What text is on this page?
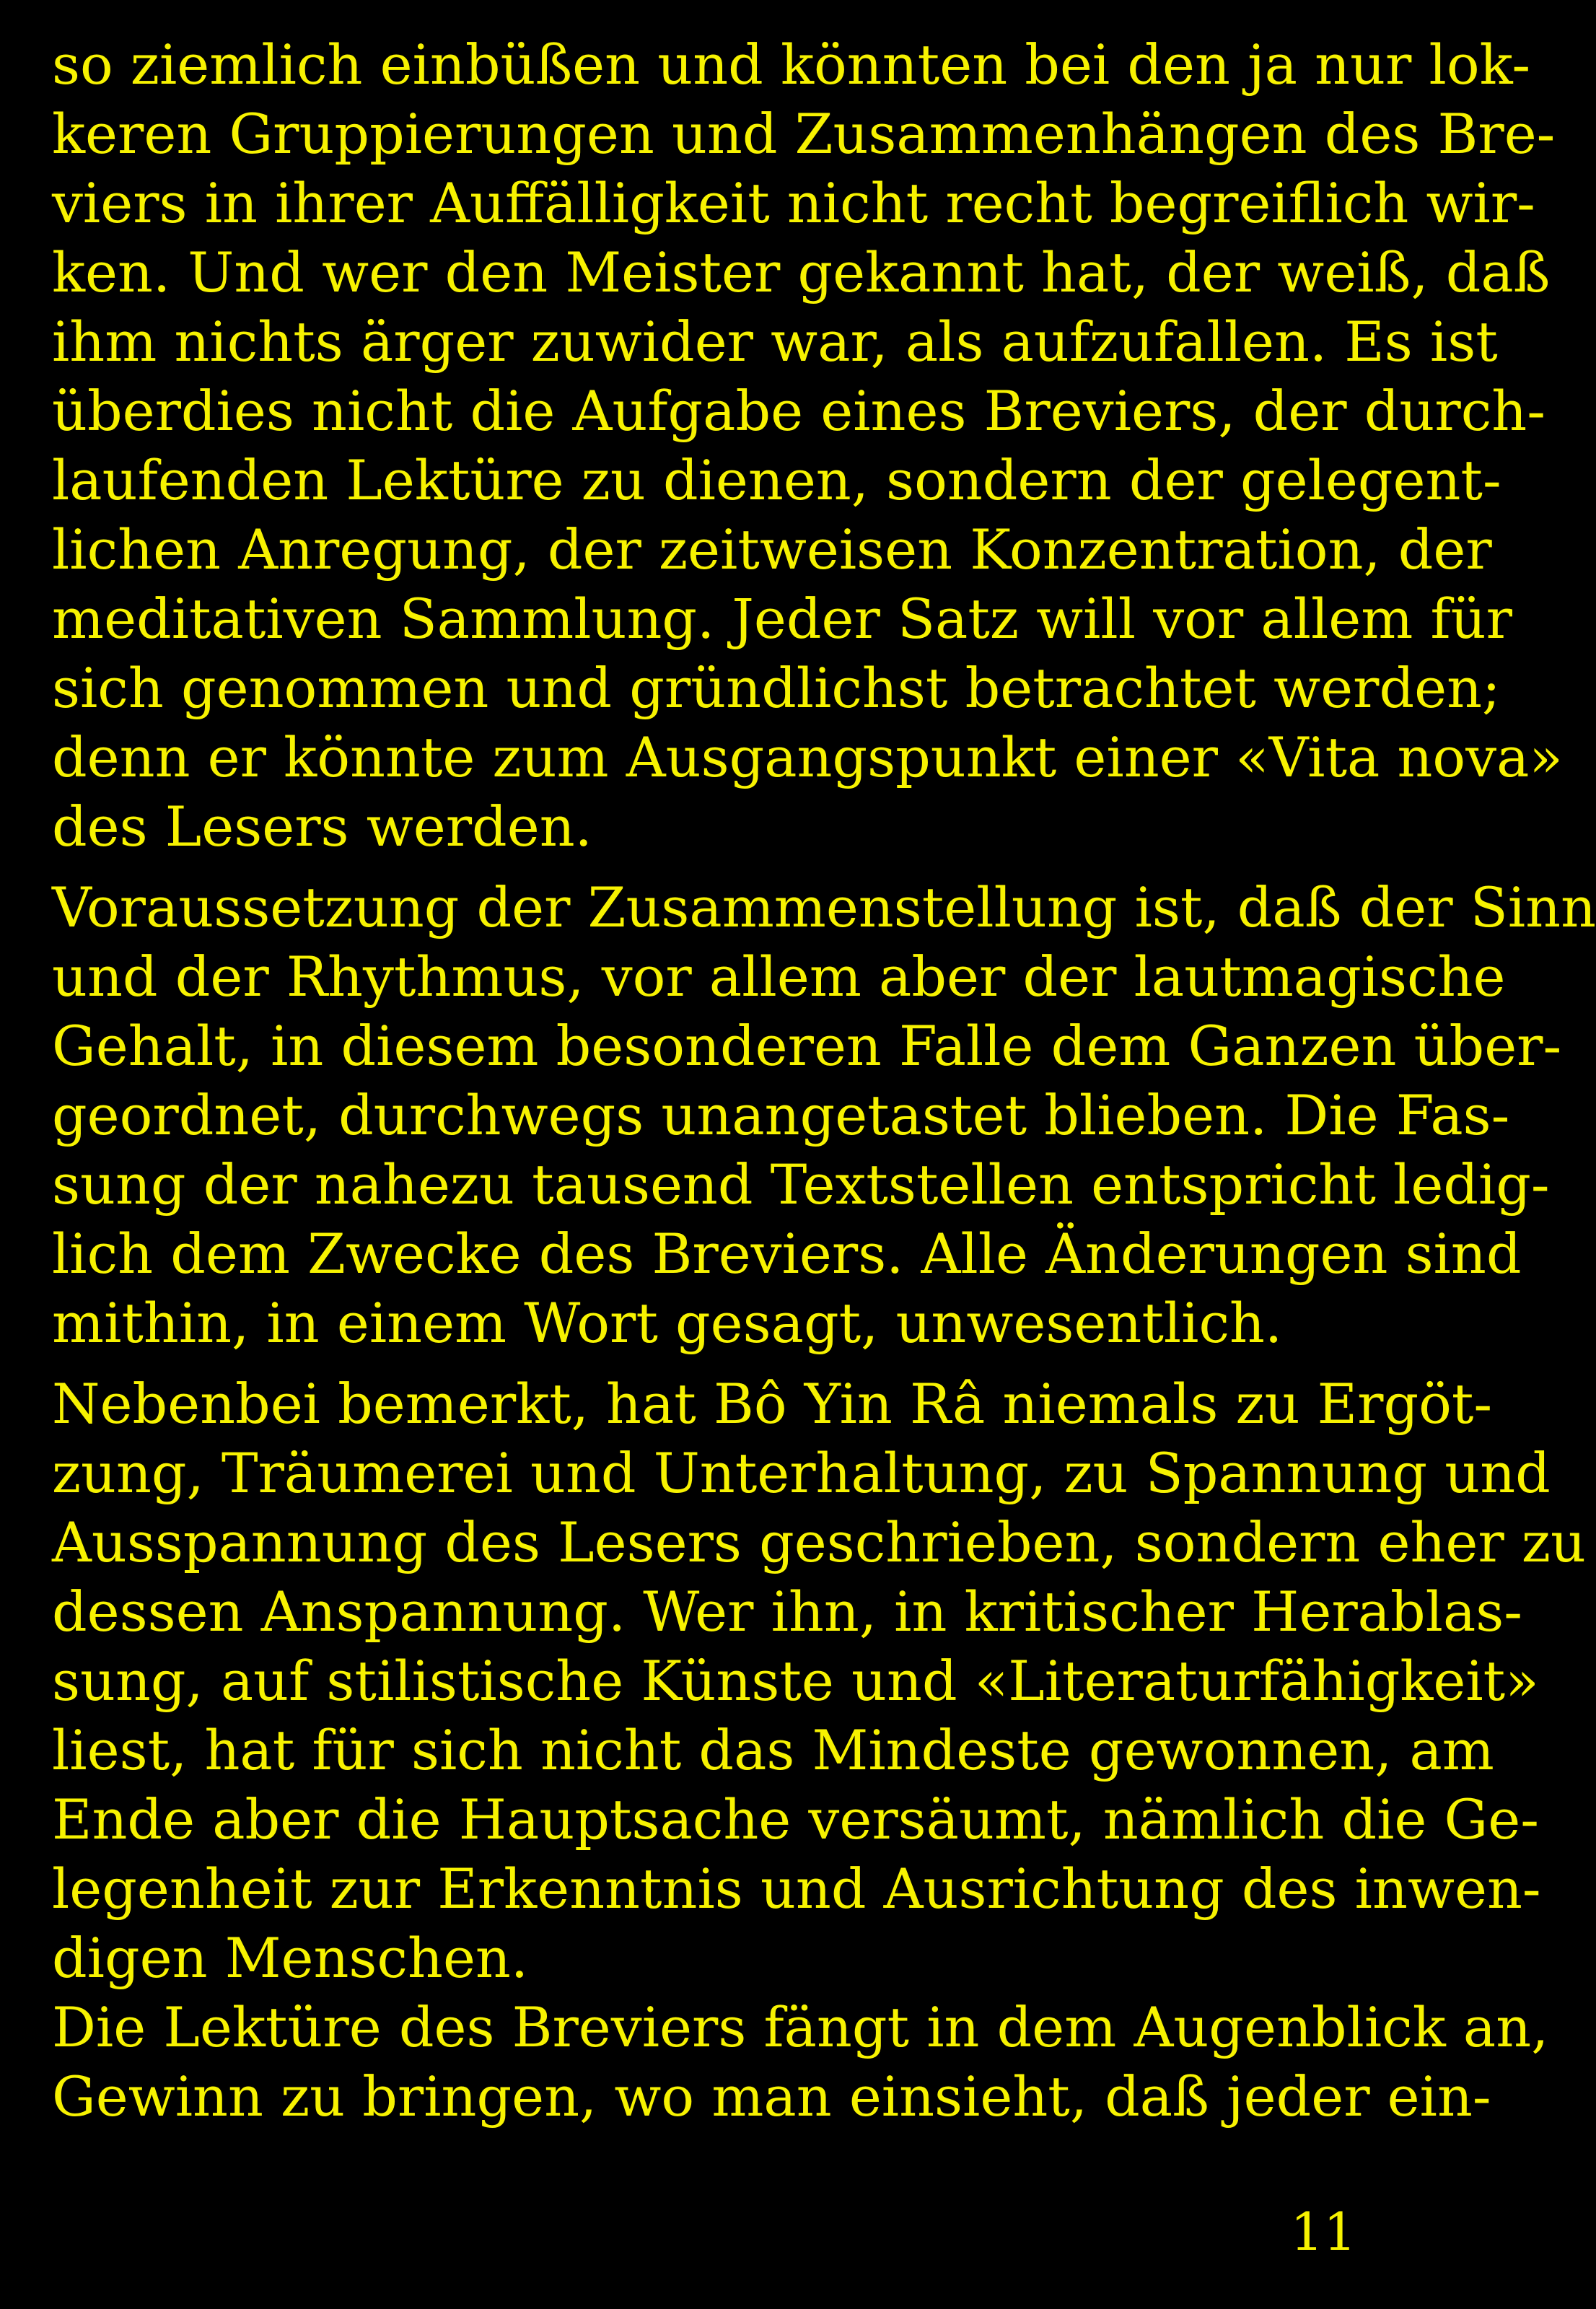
so ziemlich einbüßen und könnten bei den ja nur lok-
keren Gruppierungen und Zusammenhängen des Bre-
viers in ihrer Auffälligkeit nicht recht begreiflich wir-
ken. Und wer den Meister gekannt hat, der weiß, daß
ihm nichts ärger zuwider war, als aufzufallen. Es ist
überdies nicht die Aufgabe eines Breviers, der durch-
laufenden Lektüre zu dienen, sondern der gelegent-
lichen Anregung, der zeitweisen Konzentration, der
meditativen Sammlung. Jeder Satz will vor allem für
sich genommen und gründlichst betrachtet werden;
denn er könnte zum Ausgangspunkt einer «Vita nova»
des Lesers werden.
Voraussetzung der Zusammenstellung ist, daß der Sinn
und der Rhythmus, vor allem aber der lautmagische
Gehalt, in diesem besonderen Falle dem Ganzen über-
geordnet, durchwegs unangetastet blieben. Die Fas-
sung der nahezu tausend Textstellen entspricht ledig-
lich dem Zwecke des Breviers. Alle Änderungen sind
mithin, in einem Wort gesagt, unwesentlich.
Nebenbei bemerkt, hat Bô Yin Râ niemals zu Ergöt-
zung, Träumerei und Unterhaltung, zu Spannung und
Ausspannung des Lesers geschrieben, sondern eher zu
dessen Anspannung. Wer ihn, in kritischer Herablas-
sung, auf stilistische Künste und «Literaturfähigkeit»
liest, hat für sich nicht das Mindeste gewonnen, am
Ende aber die Hauptsache versäumt, nämlich die Ge-
legenheit zur Erkenntnis und Ausrichtung des inwen-
digen Menschen.
Die Lektüre des Breviers fängt in dem Augenblick an,
Gewinn zu bringen, wo man einsieht, daß jeder ein-
11
